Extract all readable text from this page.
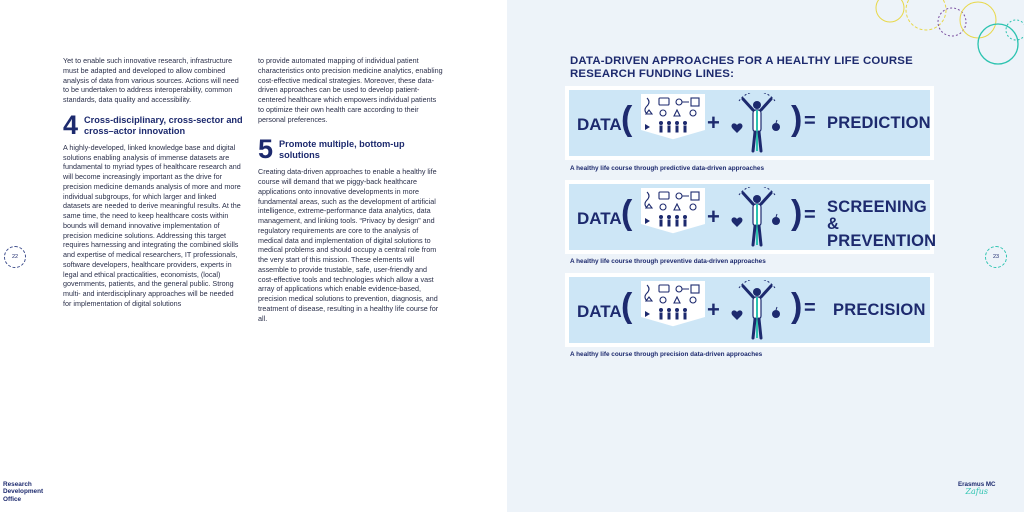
Yet to enable such innovative research, infrastructure must be adapted and developed to allow combined analysis of data from various sources. Actions will need to be undertaken to address interoperability, common standards, data quality and accessibility.

4 Cross-disciplinary, cross-sector and cross–actor innovation

A highly-developed, linked knowledge base and digital solutions enabling analysis of immense datasets are fundamental to myriad types of healthcare research and will become increasingly important as the drive for precision medicine demands analysis of more and more individual subgroups, for which larger and linked datasets are needed to derive meaningful results. At the same time, the need to keep healthcare costs within bounds will demand innovative implementation of precision medicine solutions. Addressing this target requires harnessing and integrating the combined skills and expertise of medical researchers, IT professionals, software developers, healthcare providers, experts in legal and ethical practicalities, economists, (local) governments, patients, and the general public. Strong multi- and interdisciplinary approaches will be needed for implementation of digital solutions

to provide automated mapping of individual patient characteristics onto precision medicine analytics, enabling cost-effective medical strategies. Moreover, these data-driven approaches can be used to develop patient-centered healthcare which empowers individual patients to optimize their own health care according to their personal preferences.

5 Promote multiple, bottom-up solutions

Creating data-driven approaches to enable a healthy life course will demand that we piggy-back healthcare applications onto innovative developments in more fundamental areas, such as the development of artificial intelligence, extreme-performance data analytics, data management, and linking tools. “Privacy by design” and regulatory requirements are core to the analysis of medical data and implementation of digital solutions to medical problems and should occupy a central role from the very start of this mission. These elements will assemble to provide trustable, safe, user-friendly and cost-effective tools and technologies which allow a vast array of applications which enable evidence-based, precision medical solutions to prevention, diagnosis, and treatment of disease, resulting in a healthy life course for all.

22
Research
Development
Office
DATA-DRIVEN APPROACHES FOR A HEALTHY LIFE COURSE
RESEARCH FUNDING LINES:
DATA (	+ ) = PREDICTION
A healthy life course through predictive data-driven approaches
DATA (	+ ) = SCREENING &
PREVENTION
A healthy life course through preventive data-driven approaches
DATA (	+ ) = PRECISION
A healthy life course through precision data-driven approaches
23
Erasmus MC
Zafus
